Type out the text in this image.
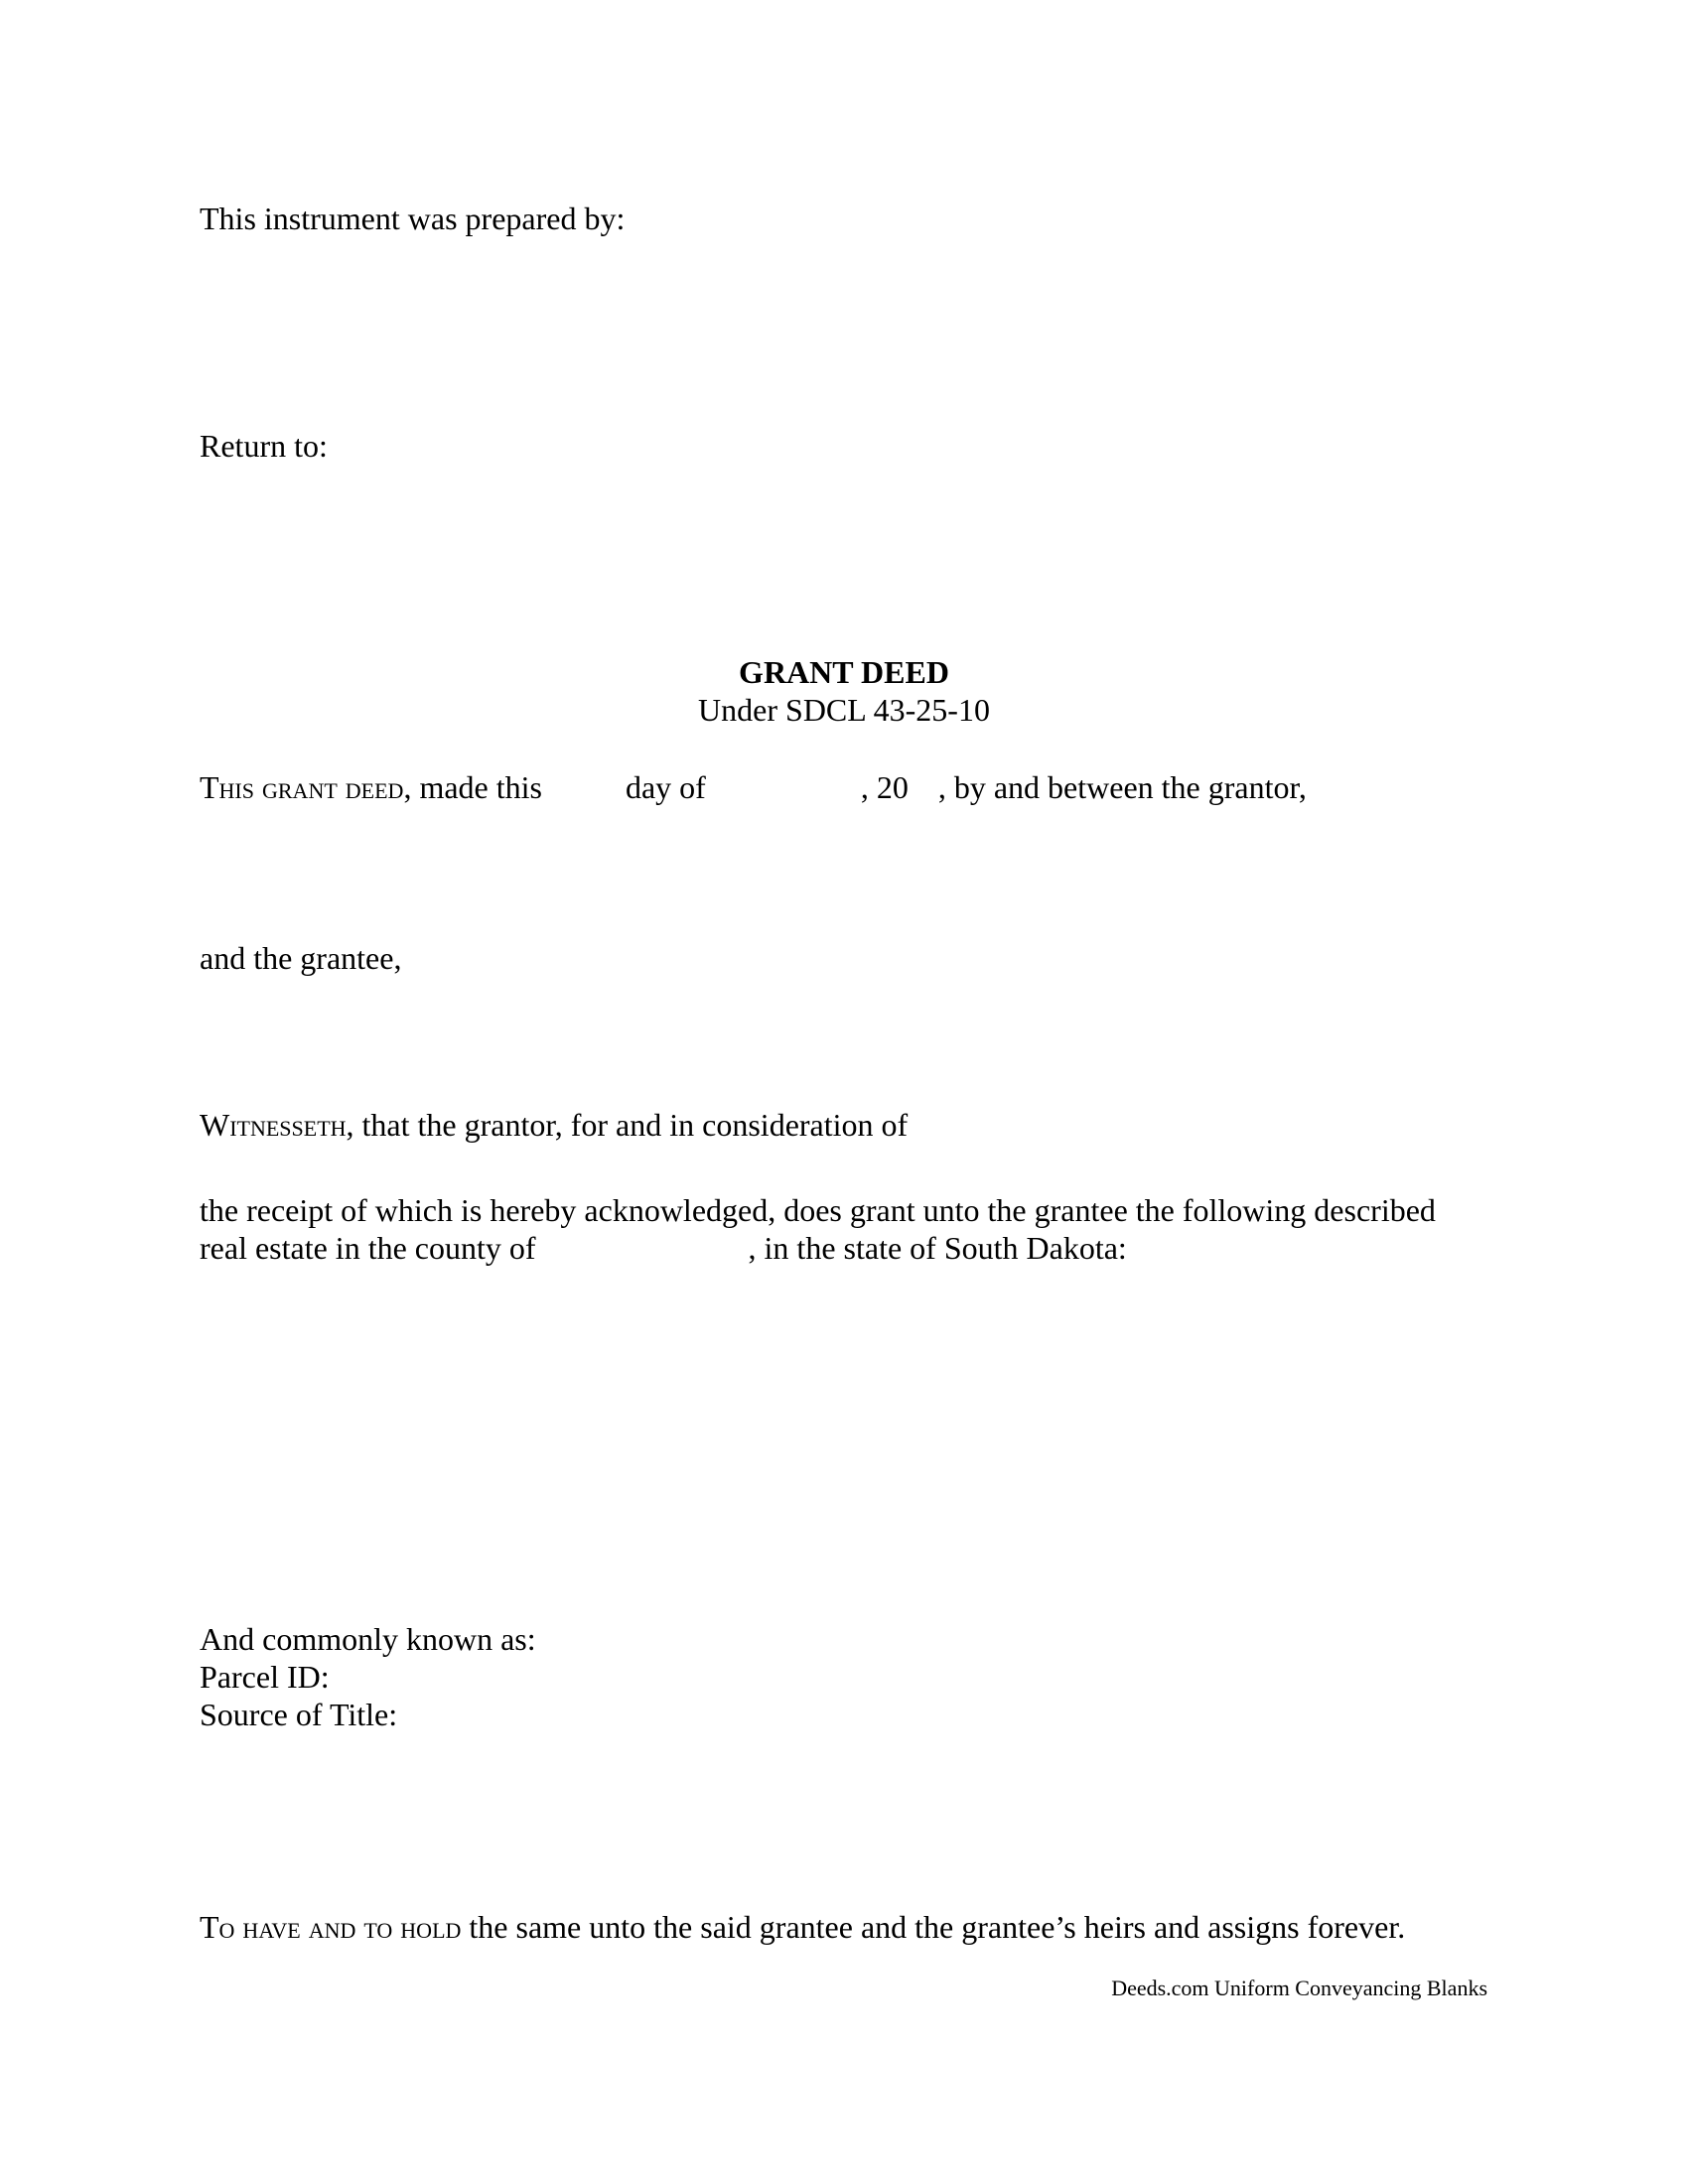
This instrument was prepared by:
Return to:
GRANT DEED
Under SDCL 43-25-10
This grant deed, made this	day of	, 20 , by and between the grantor,
and the grantee,
Witnesseth, that the grantor, for and in consideration of
the receipt of which is hereby acknowledged, does grant unto the grantee the following described
real estate in the county of	, in the state of South Dakota:
And commonly known as:
Parcel ID:
Source of Title:
To have and to hold the same unto the said grantee and the grantee’s heirs and assigns forever.
Deeds.com Uniform Conveyancing Blanks
